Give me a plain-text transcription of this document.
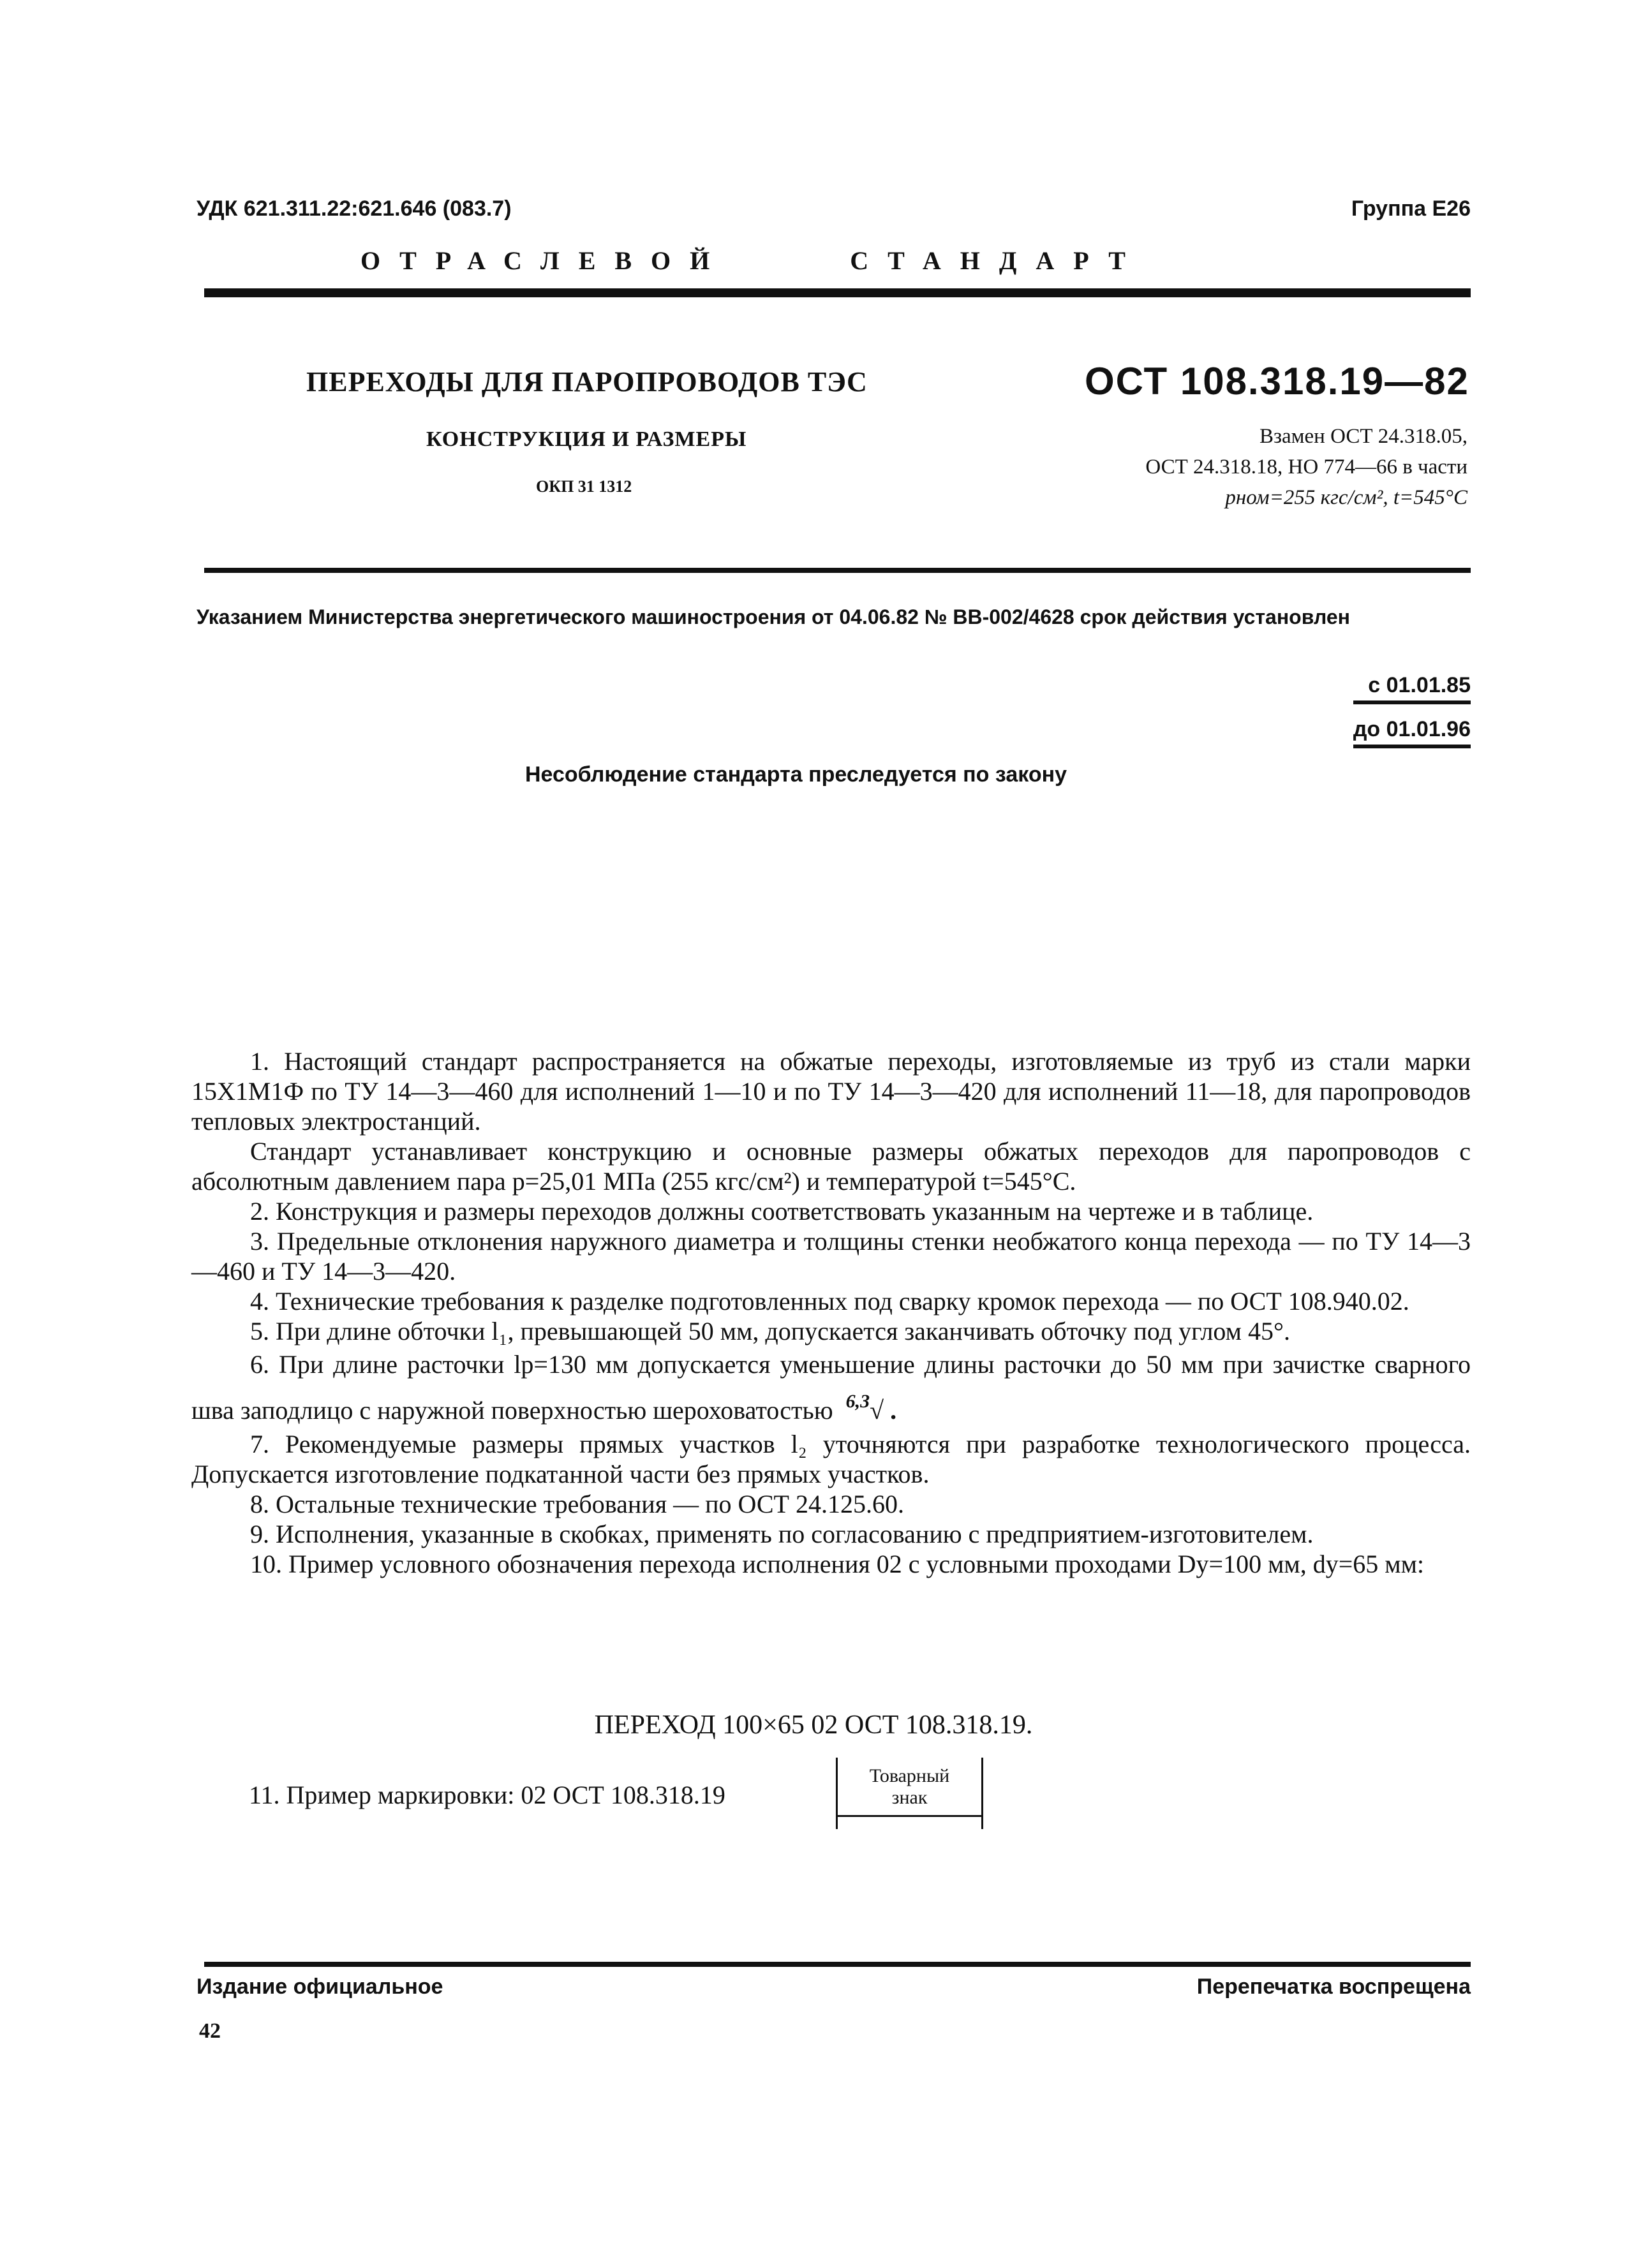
УДК 621.311.22:621.646 (083.7)	Группа Е26
ОТРАСЛЕВОЙ	СТАНДАРТ
ПЕРЕХОДЫ ДЛЯ ПАРОПРОВОДОВ ТЭС
КОНСТРУКЦИЯ И РАЗМЕРЫ
ОКП 31 1312
ОСТ 108.318.19—82
Взамен ОСТ 24.318.05,
ОСТ 24.318.18, НО 774—66 в части
pном=255 кгс/см², t=545°С
Указанием Министерства энергетического машиностроения от 04.06.82 № ВВ-002/4628 срок действия установлен
с 01.01.85
до 01.01.96
Несоблюдение стандарта преследуется по закону

1. Настоящий стандарт распространяется на обжатые переходы, изготовляемые из труб из стали марки 15Х1М1Ф по ТУ 14—3—460 для исполнений 1—10 и по ТУ 14—3—420 для исполнений 11—18, для паропроводов тепловых электростанций.

Стандарт устанавливает конструкцию и основные размеры обжатых переходов для паропроводов с абсолютным давлением пара p=25,01 МПа (255 кгс/см²) и температурой t=545°С.

2. Конструкция и размеры переходов должны соответствовать указанным на чертеже и в таблице.

3. Предельные отклонения наружного диаметра и толщины стенки необжатого конца перехода — по ТУ 14—3—460 и ТУ 14—3—420.

4. Технические требования к разделке подготовленных под сварку кромок перехода — по ОСТ 108.940.02.

5. При длине обточки l₁, превышающей 50 мм, допускается заканчивать обточку под углом 45°.

6. При длине расточки lр=130 мм допускается уменьшение длины расточки до 50 мм при зачистке сварного шва заподлицо с наружной поверхностью шероховатостью $^{6,3}$√ .

7. Рекомендуемые размеры прямых участков l₂ уточняются при разработке технологического процесса. Допускается изготовление подкатанной части без прямых участков.

8. Остальные технические требования — по ОСТ 24.125.60.

9. Исполнения, указанные в скобках, применять по согласованию с предприятием-изготовителем.

10. Пример условного обозначения перехода исполнения 02 с условными проходами Dу=100 мм, dу=65 мм:

ПЕРЕХОД 100×65 02 ОСТ 108.318.19.
11. Пример маркировки: 02 ОСТ 108.318.19
Товарный
знак
Издание официальное	Перепечатка воспрещена
42
